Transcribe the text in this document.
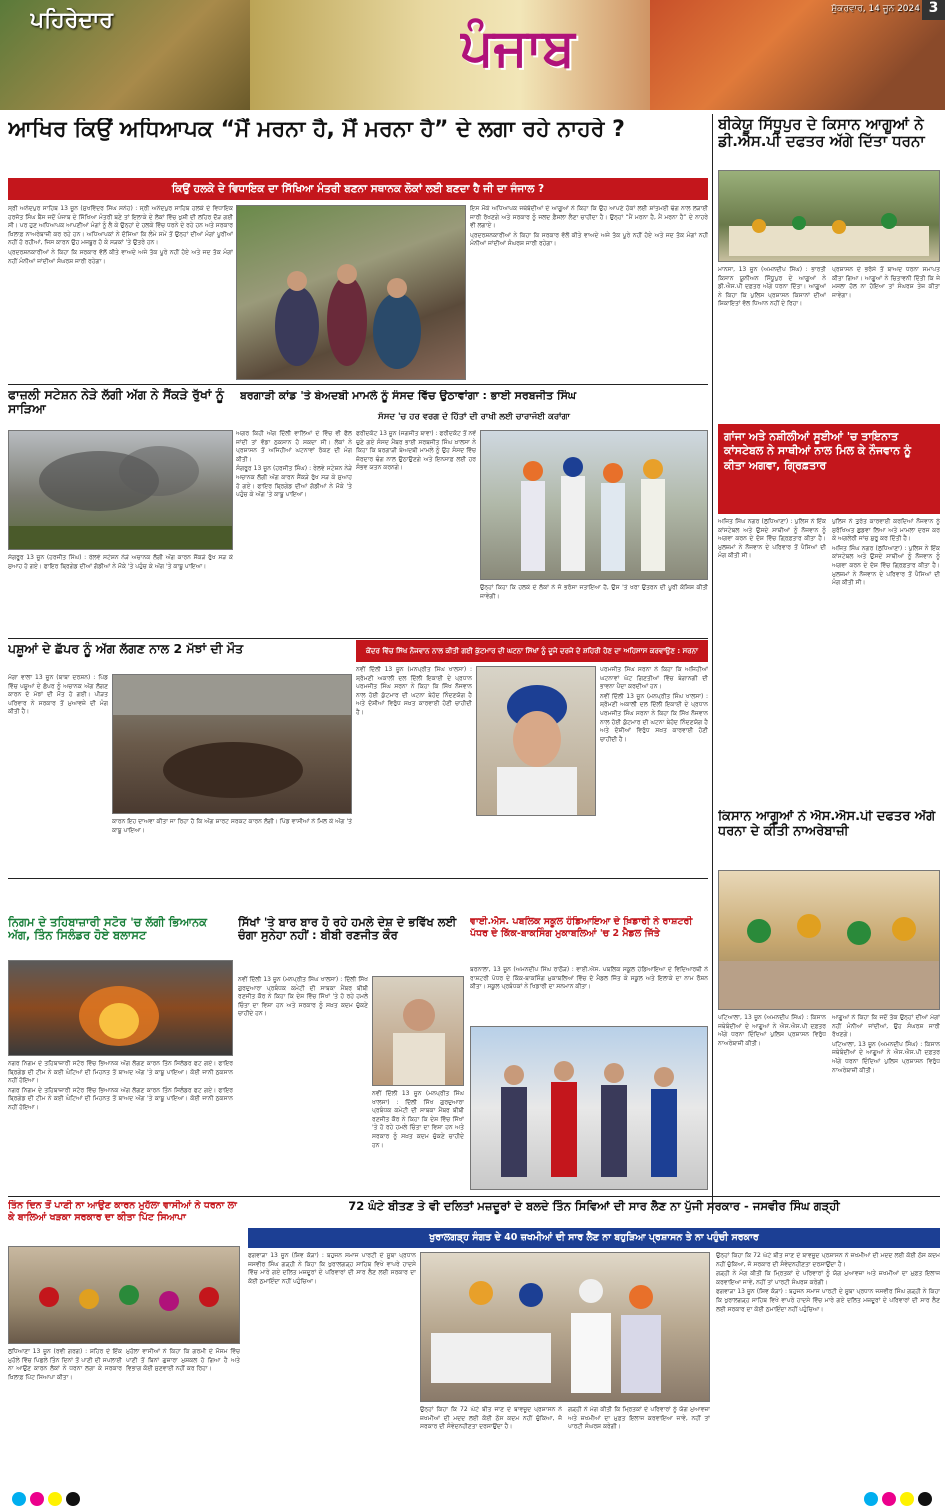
ਪਹਿਰੇਦਾਰ	ਪੰਜਾਬ
ਸ਼ੁੱਕਰਵਾਰ, 14 ਜੂਨ 2024 3
ਆਖਿਰ ਕਿਉਂ ਅਧਿਆਪਕ “ਮੈਂ ਮਰਨਾ ਹੈ, ਮੈਂ ਮਰਨਾ ਹੈ” ਦੇ ਲਗਾ ਰਹੇ ਨਾਹਰੇ ?
ਕਿਉਂ ਹਲਕੇ ਦੇ ਵਿਧਾਇਕ ਦਾ ਸਿੱਖਿਆ ਮੰਤਰੀ ਬਣਨਾ ਸਥਾਨਕ ਲੋਕਾਂ ਲਈ ਬਣਦਾ ਹੈ ਜੀ ਦਾ ਜੰਜਾਲ ?

ਸ੍ਰੀ ਅਨੰਦਪੁਰ ਸਾਹਿਬ 13 ਜੂਨ (ਸੁਖਵਿੰਦਰ ਸਿੰਘ ਸਨੇਹ) : ਸ੍ਰੀ ਅਨੰਦਪੁਰ ਸਾਹਿਬ ਹਲਕੇ ਦੇ ਵਿਧਾਇਕ ਹਰਜੋਤ ਸਿੰਘ ਬੈਂਸ ਜਦੋਂ ਪੰਜਾਬ ਦੇ ਸਿੱਖਿਆ ਮੰਤਰੀ ਬਣੇ ਤਾਂ ਇਲਾਕੇ ਦੇ ਲੋਕਾਂ ਵਿੱਚ ਖੁਸ਼ੀ ਦੀ ਲਹਿਰ ਦੌੜ ਗਈ ਸੀ। ਪਰ ਹੁਣ ਅਧਿਆਪਕ ਆਪਣੀਆਂ ਮੰਗਾਂ ਨੂੰ ਲੈ ਕੇ ਉਨ੍ਹਾਂ ਦੇ ਹਲਕੇ ਵਿੱਚ ਧਰਨੇ ਦੇ ਰਹੇ ਹਨ ਅਤੇ ਸਰਕਾਰ ਖ਼ਿਲਾਫ਼ ਨਾਅਰੇਬਾਜ਼ੀ ਕਰ ਰਹੇ ਹਨ। ਅਧਿਆਪਕਾਂ ਨੇ ਦੱਸਿਆ ਕਿ ਲੰਮੇ ਸਮੇਂ ਤੋਂ ਉਨ੍ਹਾਂ ਦੀਆਂ ਮੰਗਾਂ ਪੂਰੀਆਂ ਨਹੀਂ ਹੋ ਰਹੀਆਂ, ਜਿਸ ਕਾਰਨ ਉਹ ਮਜਬੂਰ ਹੋ ਕੇ ਸੜਕਾਂ 'ਤੇ ਉਤਰੇ ਹਨ।

ਪ੍ਰਦਰਸ਼ਨਕਾਰੀਆਂ ਨੇ ਕਿਹਾ ਕਿ ਸਰਕਾਰ ਵੱਲੋਂ ਕੀਤੇ ਵਾਅਦੇ ਅਜੇ ਤੱਕ ਪੂਰੇ ਨਹੀਂ ਹੋਏ ਅਤੇ ਜਦ ਤੱਕ ਮੰਗਾਂ ਨਹੀਂ ਮੰਨੀਆਂ ਜਾਂਦੀਆਂ ਸੰਘਰਸ਼ ਜਾਰੀ ਰਹੇਗਾ।

ਇਸ ਮੌਕੇ ਅਧਿਆਪਕ ਜਥੇਬੰਦੀਆਂ ਦੇ ਆਗੂਆਂ ਨੇ ਕਿਹਾ ਕਿ ਉਹ ਆਪਣੇ ਹੱਕਾਂ ਲਈ ਸ਼ਾਂਤਮਈ ਢੰਗ ਨਾਲ ਲੜਾਈ ਜਾਰੀ ਰੱਖਣਗੇ ਅਤੇ ਸਰਕਾਰ ਨੂੰ ਜਲਦ ਫ਼ੈਸਲਾ ਲੈਣਾ ਚਾਹੀਦਾ ਹੈ। ਉਨ੍ਹਾਂ “ਮੈਂ ਮਰਨਾ ਹੈ, ਮੈਂ ਮਰਨਾ ਹੈ” ਦੇ ਨਾਹਰੇ ਵੀ ਲਗਾਏ।

ਪ੍ਰਦਰਸ਼ਨਕਾਰੀਆਂ ਨੇ ਕਿਹਾ ਕਿ ਸਰਕਾਰ ਵੱਲੋਂ ਕੀਤੇ ਵਾਅਦੇ ਅਜੇ ਤੱਕ ਪੂਰੇ ਨਹੀਂ ਹੋਏ ਅਤੇ ਜਦ ਤੱਕ ਮੰਗਾਂ ਨਹੀਂ ਮੰਨੀਆਂ ਜਾਂਦੀਆਂ ਸੰਘਰਸ਼ ਜਾਰੀ ਰਹੇਗਾ।

ਬੀਕੇਯੂ ਸਿੱਧੂਪੁਰ ਦੇ ਕਿਸਾਨ ਆਗੂਆਂ ਨੇ ਡੀ.ਐਸ.ਪੀ ਦਫਤਰ ਅੱਗੇ ਦਿੱਤਾ ਧਰਨਾ

ਮਾਨਸਾ, 13 ਜੂਨ (ਅਮਨਦੀਪ ਸਿੰਘ) : ਭਾਰਤੀ ਕਿਸਾਨ ਯੂਨੀਅਨ ਸਿੱਧੂਪੁਰ ਦੇ ਆਗੂਆਂ ਨੇ ਡੀ.ਐਸ.ਪੀ ਦਫ਼ਤਰ ਅੱਗੇ ਧਰਨਾ ਦਿੱਤਾ। ਆਗੂਆਂ ਨੇ ਕਿਹਾ ਕਿ ਪੁਲਿਸ ਪ੍ਰਸ਼ਾਸਨ ਕਿਸਾਨਾਂ ਦੀਆਂ ਸ਼ਿਕਾਇਤਾਂ ਵੱਲ ਧਿਆਨ ਨਹੀਂ ਦੇ ਰਿਹਾ।

ਪ੍ਰਸ਼ਾਸਨ ਦੇ ਭਰੋਸੇ ਤੋਂ ਬਾਅਦ ਧਰਨਾ ਸਮਾਪਤ ਕੀਤਾ ਗਿਆ। ਆਗੂਆਂ ਨੇ ਚਿਤਾਵਨੀ ਦਿੱਤੀ ਕਿ ਜੇ ਮਸਲਾ ਹੱਲ ਨਾ ਹੋਇਆ ਤਾਂ ਸੰਘਰਸ਼ ਤੇਜ਼ ਕੀਤਾ ਜਾਵੇਗਾ।

ਫਾਜ਼ਲੀ ਸਟੇਸ਼ਨ ਨੇੜੇ ਲੱਗੀ ਅੱਗ ਨੇ ਸੈਂਕੜੇ ਰੁੱਖਾਂ ਨੂੰ ਸਾੜਿਆ

ਸੰਗਰੂਰ 13 ਜੂਨ (ਹਰਜੀਤ ਸਿੰਘ) : ਰੇਲਵੇ ਸਟੇਸ਼ਨ ਨੇੜੇ ਅਚਾਨਕ ਲੱਗੀ ਅੱਗ ਕਾਰਨ ਸੈਂਕੜੇ ਰੁੱਖ ਸੜ ਕੇ ਸੁਆਹ ਹੋ ਗਏ। ਫਾਇਰ ਬ੍ਰਿਗੇਡ ਦੀਆਂ ਗੱਡੀਆਂ ਨੇ ਮੌਕੇ 'ਤੇ ਪਹੁੰਚ ਕੇ ਅੱਗ 'ਤੇ ਕਾਬੂ ਪਾਇਆ।

ਅਗਰ ਕਿਹੀ ਅੱਗ ਦਿੱਲੀ ਵਾਲਿਆਂ ਦੇ ਵਿੱਚ ਵੀ ਫੈਲ ਜਾਂਦੀ ਤਾਂ ਵੱਡਾ ਨੁਕਸਾਨ ਹੋ ਸਕਦਾ ਸੀ। ਲੋਕਾਂ ਨੇ ਪ੍ਰਸ਼ਾਸਨ ਤੋਂ ਅਜਿਹੀਆਂ ਘਟਨਾਵਾਂ ਰੋਕਣ ਦੀ ਮੰਗ ਕੀਤੀ।

ਸੰਗਰੂਰ 13 ਜੂਨ (ਹਰਜੀਤ ਸਿੰਘ) : ਰੇਲਵੇ ਸਟੇਸ਼ਨ ਨੇੜੇ ਅਚਾਨਕ ਲੱਗੀ ਅੱਗ ਕਾਰਨ ਸੈਂਕੜੇ ਰੁੱਖ ਸੜ ਕੇ ਸੁਆਹ ਹੋ ਗਏ। ਫਾਇਰ ਬ੍ਰਿਗੇਡ ਦੀਆਂ ਗੱਡੀਆਂ ਨੇ ਮੌਕੇ 'ਤੇ ਪਹੁੰਚ ਕੇ ਅੱਗ 'ਤੇ ਕਾਬੂ ਪਾਇਆ।

ਬਰਗਾੜੀ ਕਾਂਡ 'ਤੇ ਬੇਅਦਬੀ ਮਾਮਲੇ ਨੂੰ ਸੰਸਦ ਵਿੱਚ ਉਠਾਵਾਂਗਾ : ਭਾਈ ਸਰਬਜੀਤ ਸਿੰਘ
ਸੰਸਦ 'ਚ ਹਰ ਵਰਗ ਦੇ ਹਿੱਤਾਂ ਦੀ ਰਾਖੀ ਲਈ ਚਾਰਾਜੋਈ ਕਰਾਂਗਾ

ਫਰੀਦਕੋਟ 13 ਜੂਨ (ਜਗਜੀਤ ਬਾਵਾ) : ਫਰੀਦਕੋਟ ਤੋਂ ਨਵੇਂ ਚੁਣੇ ਗਏ ਸੰਸਦ ਮੈਂਬਰ ਭਾਈ ਸਰਬਜੀਤ ਸਿੰਘ ਖ਼ਾਲਸਾ ਨੇ ਕਿਹਾ ਕਿ ਬਰਗਾੜੀ ਬੇਅਦਬੀ ਮਾਮਲੇ ਨੂੰ ਉਹ ਸੰਸਦ ਵਿੱਚ ਜ਼ੋਰਦਾਰ ਢੰਗ ਨਾਲ ਉਠਾਉਣਗੇ ਅਤੇ ਇਨਸਾਫ਼ ਲਈ ਹਰ ਸੰਭਵ ਯਤਨ ਕਰਨਗੇ।

ਉਨ੍ਹਾਂ ਕਿਹਾ ਕਿ ਹਲਕੇ ਦੇ ਲੋਕਾਂ ਨੇ ਜੋ ਭਰੋਸਾ ਜਤਾਇਆ ਹੈ, ਉਸ 'ਤੇ ਖਰਾ ਉਤਰਨ ਦੀ ਪੂਰੀ ਕੋਸ਼ਿਸ਼ ਕੀਤੀ ਜਾਵੇਗੀ।

ਪਸ਼ੂਆਂ ਦੇ ਛੱਪਰ ਨੂੰ ਅੱਗ ਲੱਗਣ ਨਾਲ 2 ਮੱਝਾਂ ਦੀ ਮੌਤ

ਮੋਗਾ ਵਾਲਾ 13 ਜੂਨ (ਬਾਬਾ ਦਰਸ਼ਨ) : ਪਿੰਡ ਵਿੱਚ ਪਸ਼ੂਆਂ ਦੇ ਛੱਪਰ ਨੂੰ ਅਚਾਨਕ ਅੱਗ ਲੱਗਣ ਕਾਰਨ ਦੋ ਮੱਝਾਂ ਦੀ ਮੌਤ ਹੋ ਗਈ। ਪੀੜਤ ਪਰਿਵਾਰ ਨੇ ਸਰਕਾਰ ਤੋਂ ਮੁਆਵਜ਼ੇ ਦੀ ਮੰਗ ਕੀਤੀ ਹੈ।

ਕਾਰਨ ਇਹ ਦਾਅਵਾ ਕੀਤਾ ਜਾ ਰਿਹਾ ਹੈ ਕਿ ਅੱਗ ਸ਼ਾਰਟ ਸਰਕਟ ਕਾਰਨ ਲੱਗੀ। ਪਿੰਡ ਵਾਸੀਆਂ ਨੇ ਮਿਲ ਕੇ ਅੱਗ 'ਤੇ ਕਾਬੂ ਪਾਇਆ।

ਕੇਂਦਰ ਵਿੱਚ ਸਿੱਖ ਨੌਜਵਾਨ ਨਾਲ ਕੀਤੀ ਗਈ ਕੁੱਟਮਾਰ ਦੀ ਘਟਨਾ ਸਿੱਖਾਂ ਨੂੰ ਦੂਜੇ ਦਰਜੇ ਦੇ ਸ਼ਹਿਰੀ ਹੋਣ ਦਾ ਅਹਿਸਾਸ ਕਰਵਾਉਣ : ਸਰਨਾ

ਨਵੀਂ ਦਿੱਲੀ 13 ਜੂਨ (ਮਨਪ੍ਰੀਤ ਸਿੰਘ ਖਾਲਸਾ) : ਸ਼੍ਰੋਮਣੀ ਅਕਾਲੀ ਦਲ ਦਿੱਲੀ ਇਕਾਈ ਦੇ ਪ੍ਰਧਾਨ ਪਰਮਜੀਤ ਸਿੰਘ ਸਰਨਾ ਨੇ ਕਿਹਾ ਕਿ ਸਿੱਖ ਨੌਜਵਾਨ ਨਾਲ ਹੋਈ ਕੁੱਟਮਾਰ ਦੀ ਘਟਨਾ ਬੇਹੱਦ ਨਿੰਦਣਯੋਗ ਹੈ ਅਤੇ ਦੋਸ਼ੀਆਂ ਵਿਰੁੱਧ ਸਖ਼ਤ ਕਾਰਵਾਈ ਹੋਣੀ ਚਾਹੀਦੀ ਹੈ।

ਪਰਮਜੀਤ ਸਿੰਘ ਸਰਨਾ ਨੇ ਕਿਹਾ ਕਿ ਅਜਿਹੀਆਂ ਘਟਨਾਵਾਂ ਘੱਟ ਗਿਣਤੀਆਂ ਵਿੱਚ ਬੇਗਾਨਗੀ ਦੀ ਭਾਵਨਾ ਪੈਦਾ ਕਰਦੀਆਂ ਹਨ।

ਨਵੀਂ ਦਿੱਲੀ 13 ਜੂਨ (ਮਨਪ੍ਰੀਤ ਸਿੰਘ ਖਾਲਸਾ) : ਸ਼੍ਰੋਮਣੀ ਅਕਾਲੀ ਦਲ ਦਿੱਲੀ ਇਕਾਈ ਦੇ ਪ੍ਰਧਾਨ ਪਰਮਜੀਤ ਸਿੰਘ ਸਰਨਾ ਨੇ ਕਿਹਾ ਕਿ ਸਿੱਖ ਨੌਜਵਾਨ ਨਾਲ ਹੋਈ ਕੁੱਟਮਾਰ ਦੀ ਘਟਨਾ ਬੇਹੱਦ ਨਿੰਦਣਯੋਗ ਹੈ ਅਤੇ ਦੋਸ਼ੀਆਂ ਵਿਰੁੱਧ ਸਖ਼ਤ ਕਾਰਵਾਈ ਹੋਣੀ ਚਾਹੀਦੀ ਹੈ।

ਗਾਂਜਾ ਅਤੇ ਨਸ਼ੀਲੀਆਂ ਸੂਈਆਂ 'ਚ ਤਾਇਨਾਤ ਕਾਂਸਟੇਬਲ ਨੇ ਸਾਥੀਆਂ ਨਾਲ ਮਿਲ ਕੇ ਨੌਜਵਾਨ ਨੂੰ ਕੀਤਾ ਅਗਵਾ, ਗ੍ਰਿਫ਼ਤਾਰ

ਅਜਿਤ ਸਿੰਘ ਨਗਰ (ਲੁਧਿਆਣਾ) : ਪੁਲਿਸ ਨੇ ਇੱਕ ਕਾਂਸਟੇਬਲ ਅਤੇ ਉਸਦੇ ਸਾਥੀਆਂ ਨੂੰ ਨੌਜਵਾਨ ਨੂੰ ਅਗਵਾ ਕਰਨ ਦੇ ਦੋਸ਼ ਵਿੱਚ ਗ੍ਰਿਫ਼ਤਾਰ ਕੀਤਾ ਹੈ। ਮੁਲਜ਼ਮਾਂ ਨੇ ਨੌਜਵਾਨ ਦੇ ਪਰਿਵਾਰ ਤੋਂ ਪੈਸਿਆਂ ਦੀ ਮੰਗ ਕੀਤੀ ਸੀ।

ਪੁਲਿਸ ਨੇ ਤੁਰੰਤ ਕਾਰਵਾਈ ਕਰਦਿਆਂ ਨੌਜਵਾਨ ਨੂੰ ਸੁਰੱਖਿਅਤ ਛੁਡਵਾ ਲਿਆ ਅਤੇ ਮਾਮਲਾ ਦਰਜ ਕਰ ਕੇ ਅਗਲੇਰੀ ਜਾਂਚ ਸ਼ੁਰੂ ਕਰ ਦਿੱਤੀ ਹੈ।

ਅਜਿਤ ਸਿੰਘ ਨਗਰ (ਲੁਧਿਆਣਾ) : ਪੁਲਿਸ ਨੇ ਇੱਕ ਕਾਂਸਟੇਬਲ ਅਤੇ ਉਸਦੇ ਸਾਥੀਆਂ ਨੂੰ ਨੌਜਵਾਨ ਨੂੰ ਅਗਵਾ ਕਰਨ ਦੇ ਦੋਸ਼ ਵਿੱਚ ਗ੍ਰਿਫ਼ਤਾਰ ਕੀਤਾ ਹੈ। ਮੁਲਜ਼ਮਾਂ ਨੇ ਨੌਜਵਾਨ ਦੇ ਪਰਿਵਾਰ ਤੋਂ ਪੈਸਿਆਂ ਦੀ ਮੰਗ ਕੀਤੀ ਸੀ।

ਕਿਸਾਨ ਆਗੂਆਂ ਨੇ ਐਸ.ਐਸ.ਪੀ ਦਫਤਰ ਅੱਗੇ ਧਰਨਾ ਦੇ ਕੀਤੀ ਨਾਅਰੇਬਾਜ਼ੀ

ਪਟਿਆਲਾ, 13 ਜੂਨ (ਅਮਨਦੀਪ ਸਿੰਘ) : ਕਿਸਾਨ ਜਥੇਬੰਦੀਆਂ ਦੇ ਆਗੂਆਂ ਨੇ ਐਸ.ਐਸ.ਪੀ ਦਫ਼ਤਰ ਅੱਗੇ ਧਰਨਾ ਦਿੰਦਿਆਂ ਪੁਲਿਸ ਪ੍ਰਸ਼ਾਸਨ ਵਿਰੁੱਧ ਨਾਅਰੇਬਾਜ਼ੀ ਕੀਤੀ।

ਆਗੂਆਂ ਨੇ ਕਿਹਾ ਕਿ ਜਦੋਂ ਤੱਕ ਉਨ੍ਹਾਂ ਦੀਆਂ ਮੰਗਾਂ ਨਹੀਂ ਮੰਨੀਆਂ ਜਾਂਦੀਆਂ, ਉਹ ਸੰਘਰਸ਼ ਜਾਰੀ ਰੱਖਣਗੇ।

ਪਟਿਆਲਾ, 13 ਜੂਨ (ਅਮਨਦੀਪ ਸਿੰਘ) : ਕਿਸਾਨ ਜਥੇਬੰਦੀਆਂ ਦੇ ਆਗੂਆਂ ਨੇ ਐਸ.ਐਸ.ਪੀ ਦਫ਼ਤਰ ਅੱਗੇ ਧਰਨਾ ਦਿੰਦਿਆਂ ਪੁਲਿਸ ਪ੍ਰਸ਼ਾਸਨ ਵਿਰੁੱਧ ਨਾਅਰੇਬਾਜ਼ੀ ਕੀਤੀ।

ਨਿਗਮ ਦੇ ਤਹਿਬਾਜ਼ਾਰੀ ਸਟੋਰ 'ਚ ਲੱਗੀ ਭਿਆਨਕ ਅੱਗ, ਤਿੰਨ ਸਿਲੰਡਰ ਹੋਏ ਬਲਾਸਟ

ਨਗਰ ਨਿਗਮ ਦੇ ਤਹਿਬਾਜ਼ਾਰੀ ਸਟੋਰ ਵਿੱਚ ਭਿਆਨਕ ਅੱਗ ਲੱਗਣ ਕਾਰਨ ਤਿੰਨ ਸਿਲੰਡਰ ਫਟ ਗਏ। ਫਾਇਰ ਬ੍ਰਿਗੇਡ ਦੀ ਟੀਮ ਨੇ ਕਈ ਘੰਟਿਆਂ ਦੀ ਮਿਹਨਤ ਤੋਂ ਬਾਅਦ ਅੱਗ 'ਤੇ ਕਾਬੂ ਪਾਇਆ। ਕੋਈ ਜਾਨੀ ਨੁਕਸਾਨ ਨਹੀਂ ਹੋਇਆ।

ਨਗਰ ਨਿਗਮ ਦੇ ਤਹਿਬਾਜ਼ਾਰੀ ਸਟੋਰ ਵਿੱਚ ਭਿਆਨਕ ਅੱਗ ਲੱਗਣ ਕਾਰਨ ਤਿੰਨ ਸਿਲੰਡਰ ਫਟ ਗਏ। ਫਾਇਰ ਬ੍ਰਿਗੇਡ ਦੀ ਟੀਮ ਨੇ ਕਈ ਘੰਟਿਆਂ ਦੀ ਮਿਹਨਤ ਤੋਂ ਬਾਅਦ ਅੱਗ 'ਤੇ ਕਾਬੂ ਪਾਇਆ। ਕੋਈ ਜਾਨੀ ਨੁਕਸਾਨ ਨਹੀਂ ਹੋਇਆ।

ਸਿੱਖਾਂ 'ਤੇ ਬਾਰ ਬਾਰ ਹੋ ਰਹੇ ਹਮਲੇ ਦੇਸ਼ ਦੇ ਭਵਿੱਖ ਲਈ ਚੰਗਾ ਸੁਨੇਹਾ ਨਹੀਂ : ਬੀਬੀ ਰਣਜੀਤ ਕੌਰ

ਨਵੀਂ ਦਿੱਲੀ 13 ਜੂਨ (ਮਨਪ੍ਰੀਤ ਸਿੰਘ ਖਾਲਸਾ) : ਦਿੱਲੀ ਸਿੱਖ ਗੁਰਦੁਆਰਾ ਪ੍ਰਬੰਧਕ ਕਮੇਟੀ ਦੀ ਸਾਬਕਾ ਮੈਂਬਰ ਬੀਬੀ ਰਣਜੀਤ ਕੌਰ ਨੇ ਕਿਹਾ ਕਿ ਦੇਸ਼ ਵਿੱਚ ਸਿੱਖਾਂ 'ਤੇ ਹੋ ਰਹੇ ਹਮਲੇ ਚਿੰਤਾ ਦਾ ਵਿਸ਼ਾ ਹਨ ਅਤੇ ਸਰਕਾਰ ਨੂੰ ਸਖ਼ਤ ਕਦਮ ਚੁੱਕਣੇ ਚਾਹੀਦੇ ਹਨ।

ਨਵੀਂ ਦਿੱਲੀ 13 ਜੂਨ (ਮਨਪ੍ਰੀਤ ਸਿੰਘ ਖਾਲਸਾ) : ਦਿੱਲੀ ਸਿੱਖ ਗੁਰਦੁਆਰਾ ਪ੍ਰਬੰਧਕ ਕਮੇਟੀ ਦੀ ਸਾਬਕਾ ਮੈਂਬਰ ਬੀਬੀ ਰਣਜੀਤ ਕੌਰ ਨੇ ਕਿਹਾ ਕਿ ਦੇਸ਼ ਵਿੱਚ ਸਿੱਖਾਂ 'ਤੇ ਹੋ ਰਹੇ ਹਮਲੇ ਚਿੰਤਾ ਦਾ ਵਿਸ਼ਾ ਹਨ ਅਤੇ ਸਰਕਾਰ ਨੂੰ ਸਖ਼ਤ ਕਦਮ ਚੁੱਕਣੇ ਚਾਹੀਦੇ ਹਨ।

ਵਾਈ.ਐਸ. ਪਬਲਿਕ ਸਕੂਲ ਹੰਡਿਆਇਆ ਦੇ ਖ਼ਿਡਾਰੀ ਨੇ ਰਾਸ਼ਟਰੀ ਪੱਧਰ ਦੇ ਕਿੱਕ-ਬਾਕਸਿੰਗ ਮੁਕਾਬਲਿਆਂ 'ਚ 2 ਮੈਡਲ ਜਿੱਤੇ

ਬਰਨਾਲਾ, 13 ਜੂਨ (ਅਮਨਦੀਪ ਸਿੰਘ ਰਾਠੌੜ) : ਵਾਈ.ਐਸ. ਪਬਲਿਕ ਸਕੂਲ ਹੰਡਿਆਇਆ ਦੇ ਵਿਦਿਆਰਥੀ ਨੇ ਰਾਸ਼ਟਰੀ ਪੱਧਰ ਦੇ ਕਿੱਕ-ਬਾਕਸਿੰਗ ਮੁਕਾਬਲਿਆਂ ਵਿੱਚ ਦੋ ਮੈਡਲ ਜਿੱਤ ਕੇ ਸਕੂਲ ਅਤੇ ਇਲਾਕੇ ਦਾ ਨਾਮ ਰੌਸ਼ਨ ਕੀਤਾ। ਸਕੂਲ ਪ੍ਰਬੰਧਕਾਂ ਨੇ ਖਿਡਾਰੀ ਦਾ ਸਨਮਾਨ ਕੀਤਾ।

ਤਿੰਨ ਦਿਨ ਤੋਂ ਪਾਣੀ ਨਾ ਆਉਣ ਕਾਰਨ ਮੁਹੱਲਾ ਵਾਸੀਆਂ ਨੇ ਧਰਨਾ ਲਾ ਕੇ ਬਾਲਿਆਂ ਖੜਕਾ ਸਰਕਾਰ ਦਾ ਕੀਤਾ ਪਿੱਟ ਸਿਆਪਾ

ਲੁਧਿਆਣਾ 13 ਜੂਨ (ਰਵੀ ਗਰਗ) : ਸ਼ਹਿਰ ਦੇ ਇੱਕ ਮੁਹੱਲੇ ਵਿੱਚ ਪਿਛਲੇ ਤਿੰਨ ਦਿਨਾਂ ਤੋਂ ਪਾਣੀ ਦੀ ਸਪਲਾਈ ਨਾ ਆਉਣ ਕਾਰਨ ਲੋਕਾਂ ਨੇ ਧਰਨਾ ਲਗਾ ਕੇ ਸਰਕਾਰ ਖ਼ਿਲਾਫ਼ ਪਿੱਟ ਸਿਆਪਾ ਕੀਤਾ।

ਮੁਹੱਲਾ ਵਾਸੀਆਂ ਨੇ ਕਿਹਾ ਕਿ ਗਰਮੀ ਦੇ ਮੌਸਮ ਵਿੱਚ ਪਾਣੀ ਤੋਂ ਬਿਨਾਂ ਗੁਜ਼ਾਰਾ ਮੁਸ਼ਕਲ ਹੋ ਗਿਆ ਹੈ ਅਤੇ ਵਿਭਾਗ ਕੋਈ ਸੁਣਵਾਈ ਨਹੀਂ ਕਰ ਰਿਹਾ।

72 ਘੰਟੇ ਬੀਤਣ ਤੇ ਵੀ ਦਲਿਤਾਂ ਮਜ਼ਦੂਰਾਂ ਦੇ ਬਲਦੇ ਤਿੰਨ ਸਿਵਿਆਂ ਦੀ ਸਾਰ ਲੈਣ ਨਾ ਪੁੱਜੀ ਸਰਕਾਰ - ਜਸਵੀਰ ਸਿੰਘ ਗੜ੍ਹੀ
ਖੁਰਾਲਗੜ੍ਹ ਸੰਗਤ ਦੇ 40 ਜ਼ਖਮੀਆਂ ਦੀ ਸਾਰ ਲੈਣ ਨਾ ਬਹੁੜਿਆ ਪ੍ਰਸ਼ਾਸਨ ਤੇ ਨਾ ਪਹੁੰਚੀ ਸਰਕਾਰ

ਫਗਵਾੜਾ 13 ਜੂਨ (ਸ਼ਿਵ ਕੋੜਾ) : ਬਹੁਜਨ ਸਮਾਜ ਪਾਰਟੀ ਦੇ ਸੂਬਾ ਪ੍ਰਧਾਨ ਜਸਵੀਰ ਸਿੰਘ ਗੜ੍ਹੀ ਨੇ ਕਿਹਾ ਕਿ ਖੁਰਾਲਗੜ੍ਹ ਸਾਹਿਬ ਵਿਖੇ ਵਾਪਰੇ ਹਾਦਸੇ ਵਿੱਚ ਮਾਰੇ ਗਏ ਦਲਿਤ ਮਜ਼ਦੂਰਾਂ ਦੇ ਪਰਿਵਾਰਾਂ ਦੀ ਸਾਰ ਲੈਣ ਲਈ ਸਰਕਾਰ ਦਾ ਕੋਈ ਨੁਮਾਇੰਦਾ ਨਹੀਂ ਪਹੁੰਚਿਆ।

ਉਨ੍ਹਾਂ ਕਿਹਾ ਕਿ 72 ਘੰਟੇ ਬੀਤ ਜਾਣ ਦੇ ਬਾਵਜੂਦ ਪ੍ਰਸ਼ਾਸਨ ਨੇ ਜ਼ਖਮੀਆਂ ਦੀ ਮਦਦ ਲਈ ਕੋਈ ਠੋਸ ਕਦਮ ਨਹੀਂ ਚੁੱਕਿਆ, ਜੋ ਸਰਕਾਰ ਦੀ ਸੰਵੇਦਨਹੀਣਤਾ ਦਰਸਾਉਂਦਾ ਹੈ।

ਗੜ੍ਹੀ ਨੇ ਮੰਗ ਕੀਤੀ ਕਿ ਮ੍ਰਿਤਕਾਂ ਦੇ ਪਰਿਵਾਰਾਂ ਨੂੰ ਯੋਗ ਮੁਆਵਜ਼ਾ ਅਤੇ ਜ਼ਖਮੀਆਂ ਦਾ ਮੁਫ਼ਤ ਇਲਾਜ ਕਰਵਾਇਆ ਜਾਵੇ, ਨਹੀਂ ਤਾਂ ਪਾਰਟੀ ਸੰਘਰਸ਼ ਕਰੇਗੀ।

ਉਨ੍ਹਾਂ ਕਿਹਾ ਕਿ 72 ਘੰਟੇ ਬੀਤ ਜਾਣ ਦੇ ਬਾਵਜੂਦ ਪ੍ਰਸ਼ਾਸਨ ਨੇ ਜ਼ਖਮੀਆਂ ਦੀ ਮਦਦ ਲਈ ਕੋਈ ਠੋਸ ਕਦਮ ਨਹੀਂ ਚੁੱਕਿਆ, ਜੋ ਸਰਕਾਰ ਦੀ ਸੰਵੇਦਨਹੀਣਤਾ ਦਰਸਾਉਂਦਾ ਹੈ।

ਗੜ੍ਹੀ ਨੇ ਮੰਗ ਕੀਤੀ ਕਿ ਮ੍ਰਿਤਕਾਂ ਦੇ ਪਰਿਵਾਰਾਂ ਨੂੰ ਯੋਗ ਮੁਆਵਜ਼ਾ ਅਤੇ ਜ਼ਖਮੀਆਂ ਦਾ ਮੁਫ਼ਤ ਇਲਾਜ ਕਰਵਾਇਆ ਜਾਵੇ, ਨਹੀਂ ਤਾਂ ਪਾਰਟੀ ਸੰਘਰਸ਼ ਕਰੇਗੀ।

ਫਗਵਾੜਾ 13 ਜੂਨ (ਸ਼ਿਵ ਕੋੜਾ) : ਬਹੁਜਨ ਸਮਾਜ ਪਾਰਟੀ ਦੇ ਸੂਬਾ ਪ੍ਰਧਾਨ ਜਸਵੀਰ ਸਿੰਘ ਗੜ੍ਹੀ ਨੇ ਕਿਹਾ ਕਿ ਖੁਰਾਲਗੜ੍ਹ ਸਾਹਿਬ ਵਿਖੇ ਵਾਪਰੇ ਹਾਦਸੇ ਵਿੱਚ ਮਾਰੇ ਗਏ ਦਲਿਤ ਮਜ਼ਦੂਰਾਂ ਦੇ ਪਰਿਵਾਰਾਂ ਦੀ ਸਾਰ ਲੈਣ ਲਈ ਸਰਕਾਰ ਦਾ ਕੋਈ ਨੁਮਾਇੰਦਾ ਨਹੀਂ ਪਹੁੰਚਿਆ।
